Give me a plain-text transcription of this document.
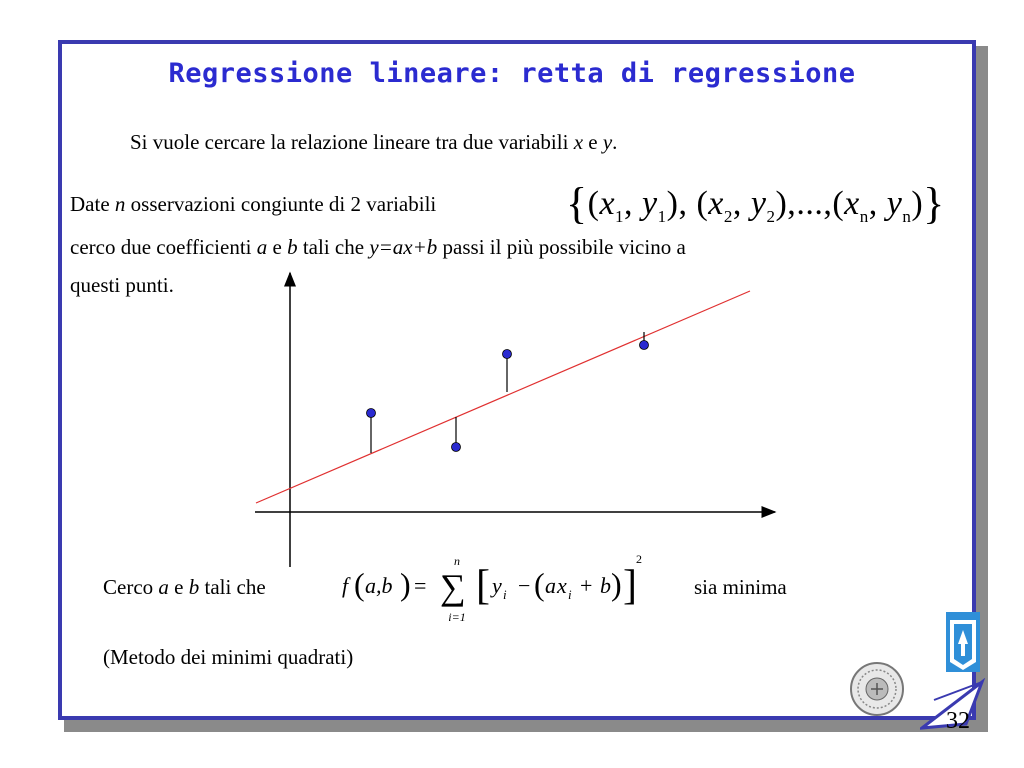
Regressione lineare: retta di regressione
Si vuole cercare la relazione lineare tra due variabili x e y.
Date n osservazioni congiunte di 2 variabili	{($x_1$, $y_1$), ($x_2$, $y_2),...,(x_n$, $y_n$)}
cerco due coefficienti a e b tali che y=ax+b passi il più possibile vicino a
questi punti.
Cerco a e b tali che	f ( a,b ) =
n
∑
i=1
[ y i − ( a x i + b ) ]
2
sia minima
(Metodo dei minimi quadrati)
32
